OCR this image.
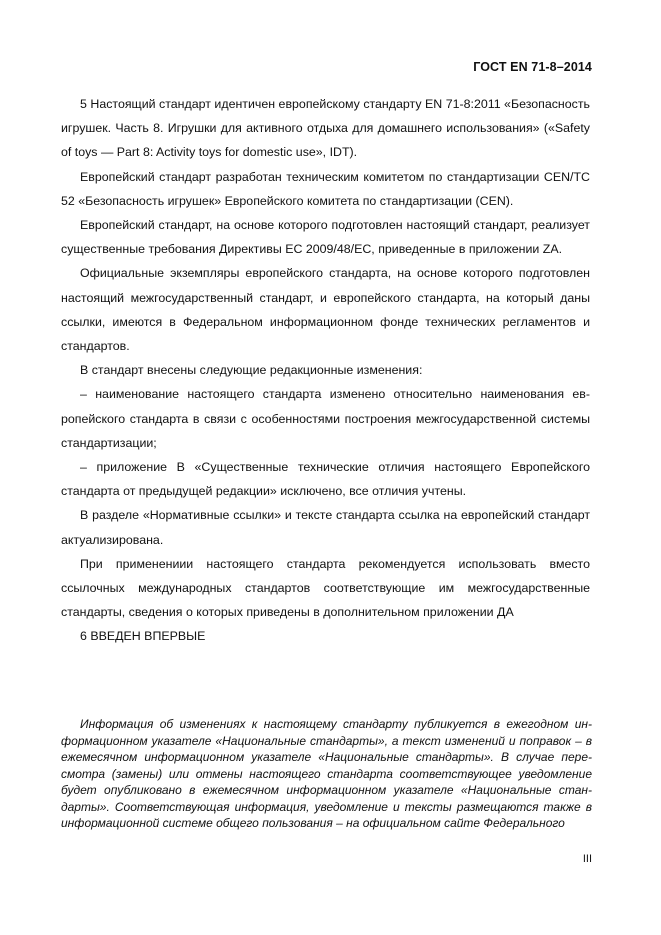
ГОСТ EN 71-8–2014

5 Настоящий стандарт идентичен европейскому стандарту EN 71-8:2011 «Безопасность игрушек. Часть 8. Игрушки для активного отдыха для домашнего использования» («Safety of toys — Part 8: Activity toys for domestic use», IDT).

Европейский стандарт разработан техническим комитетом по стандартизации CEN/TC 52 «Безопасность игрушек» Европейского комитета по стандартизации (CEN).

Европейский стандарт, на основе которого подготовлен настоящий стандарт, реализует существенные требования Директивы ЕС 2009/48/ЕС, приведенные в приложении ZA.

Официальные экземпляры европейского стандарта, на основе которого подготовлен настоящий межгосударственный стандарт, и европейского стандарта, на который даны ссылки, имеются в Федеральном информационном фонде технических регламентов и стандартов.

В стандарт внесены следующие редакционные изменения:

– наименование настоящего стандарта изменено относительно наименования европейского стандарта в связи с особенностями построения межгосударственной системы стандартизации;

– приложение В «Существенные технические отличия настоящего Европейского стандарта от предыдущей редакции» исключено, все отличия учтены.

В разделе «Нормативные ссылки» и тексте стандарта ссылка на европейский стандарт актуализирована.

При применениии настоящего стандарта рекомендуется использовать вместо ссылочных международных стандартов соответствующие им межгосударственные стандарты, сведения о которых приведены в дополнительном приложении ДА

6 ВВЕДЕН ВПЕРВЫЕ

Информация об изменениях к настоящему стандарту публикуется в ежегодном информационном указателе «Национальные стандарты», а текст изменений и поправок – в ежемесячном информационном указателе «Национальные стандарты». В случае пересмотра (замены) или отмены настоящего стандарта соответствующее уведомление будет опубликовано в ежемесячном информационном указателе «Национальные стандарты». Соответствующая информация, уведомление и тексты размещаются также в информационной системе общего пользования – на официальном сайте Федерального

III
